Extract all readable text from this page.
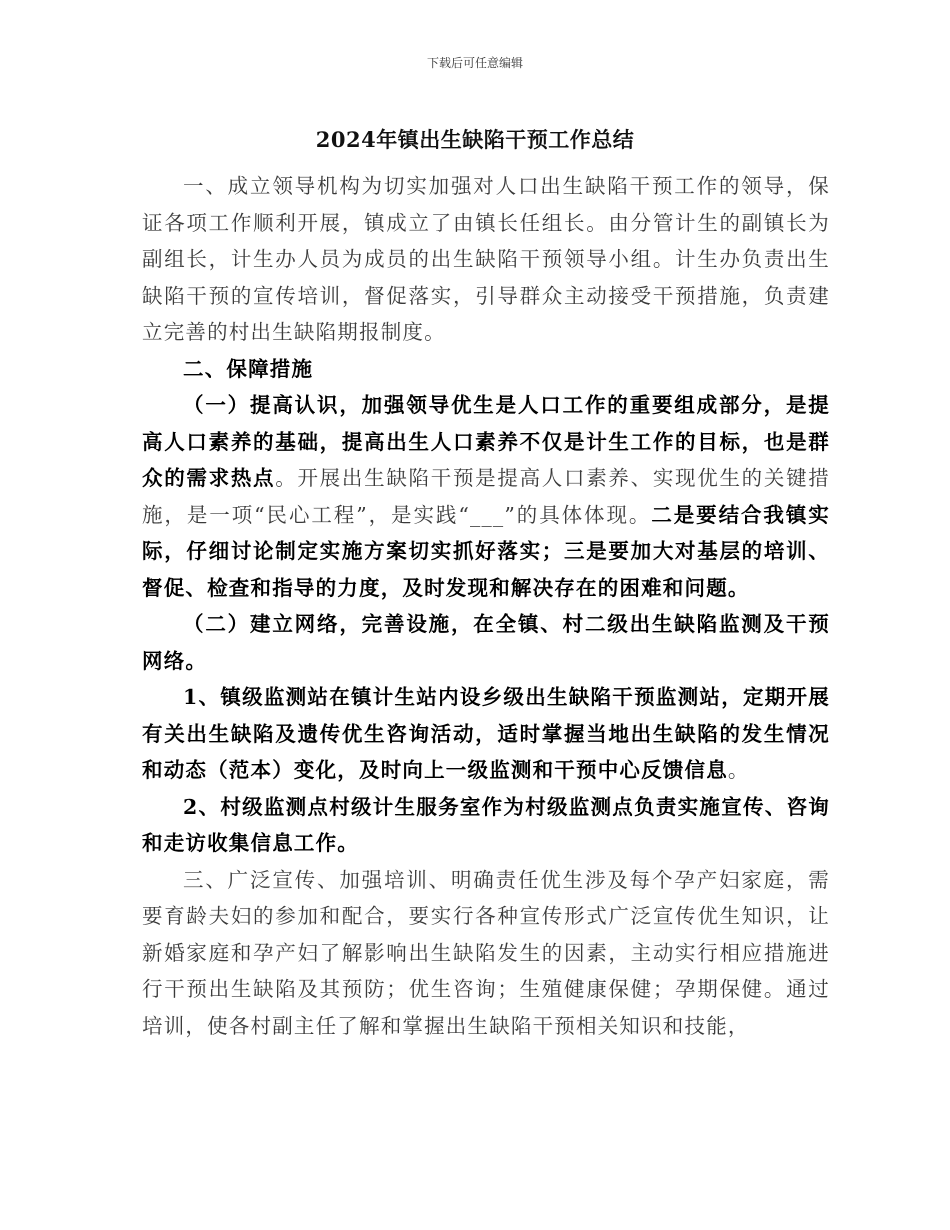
下载后可任意编辑
2024年镇出生缺陷干预工作总结

一、成立领导机构为切实加强对人口出生缺陷干预工作的领导，保证各项工作顺利开展，镇成立了由镇长任组长。由分管计生的副镇长为副组长，计生办人员为成员的出生缺陷干预领导小组。计生办负责出生缺陷干预的宣传培训，督促落实，引导群众主动接受干预措施，负责建立完善的村出生缺陷期报制度。

二、保障措施

（一）提高认识，加强领导优生是人口工作的重要组成部分，是提高人口素养的基础，提高出生人口素养不仅是计生工作的目标，也是群众的需求热点。开展出生缺陷干预是提高人口素养、实现优生的关键措施，是一项“民心工程”，是实践“___”的具体体现。二是要结合我镇实际，仔细讨论制定实施方案切实抓好落实；三是要加大对基层的培训、督促、检查和指导的力度，及时发现和解决存在的困难和问题。

（二）建立网络，完善设施，在全镇、村二级出生缺陷监测及干预网络。

1、镇级监测站在镇计生站内设乡级出生缺陷干预监测站，定期开展有关出生缺陷及遗传优生咨询活动，适时掌握当地出生缺陷的发生情况和动态（范本）变化，及时向上一级监测和干预中心反馈信息。

2、村级监测点村级计生服务室作为村级监测点负责实施宣传、咨询和走访收集信息工作。

三、广泛宣传、加强培训、明确责任优生涉及每个孕产妇家庭，需要育龄夫妇的参加和配合，要实行各种宣传形式广泛宣传优生知识，让新婚家庭和孕产妇了解影响出生缺陷发生的因素，主动实行相应措施进行干预出生缺陷及其预防；优生咨询；生殖健康保健；孕期保健。通过培训，使各村副主任了解和掌握出生缺陷干预相关知识和技能，
